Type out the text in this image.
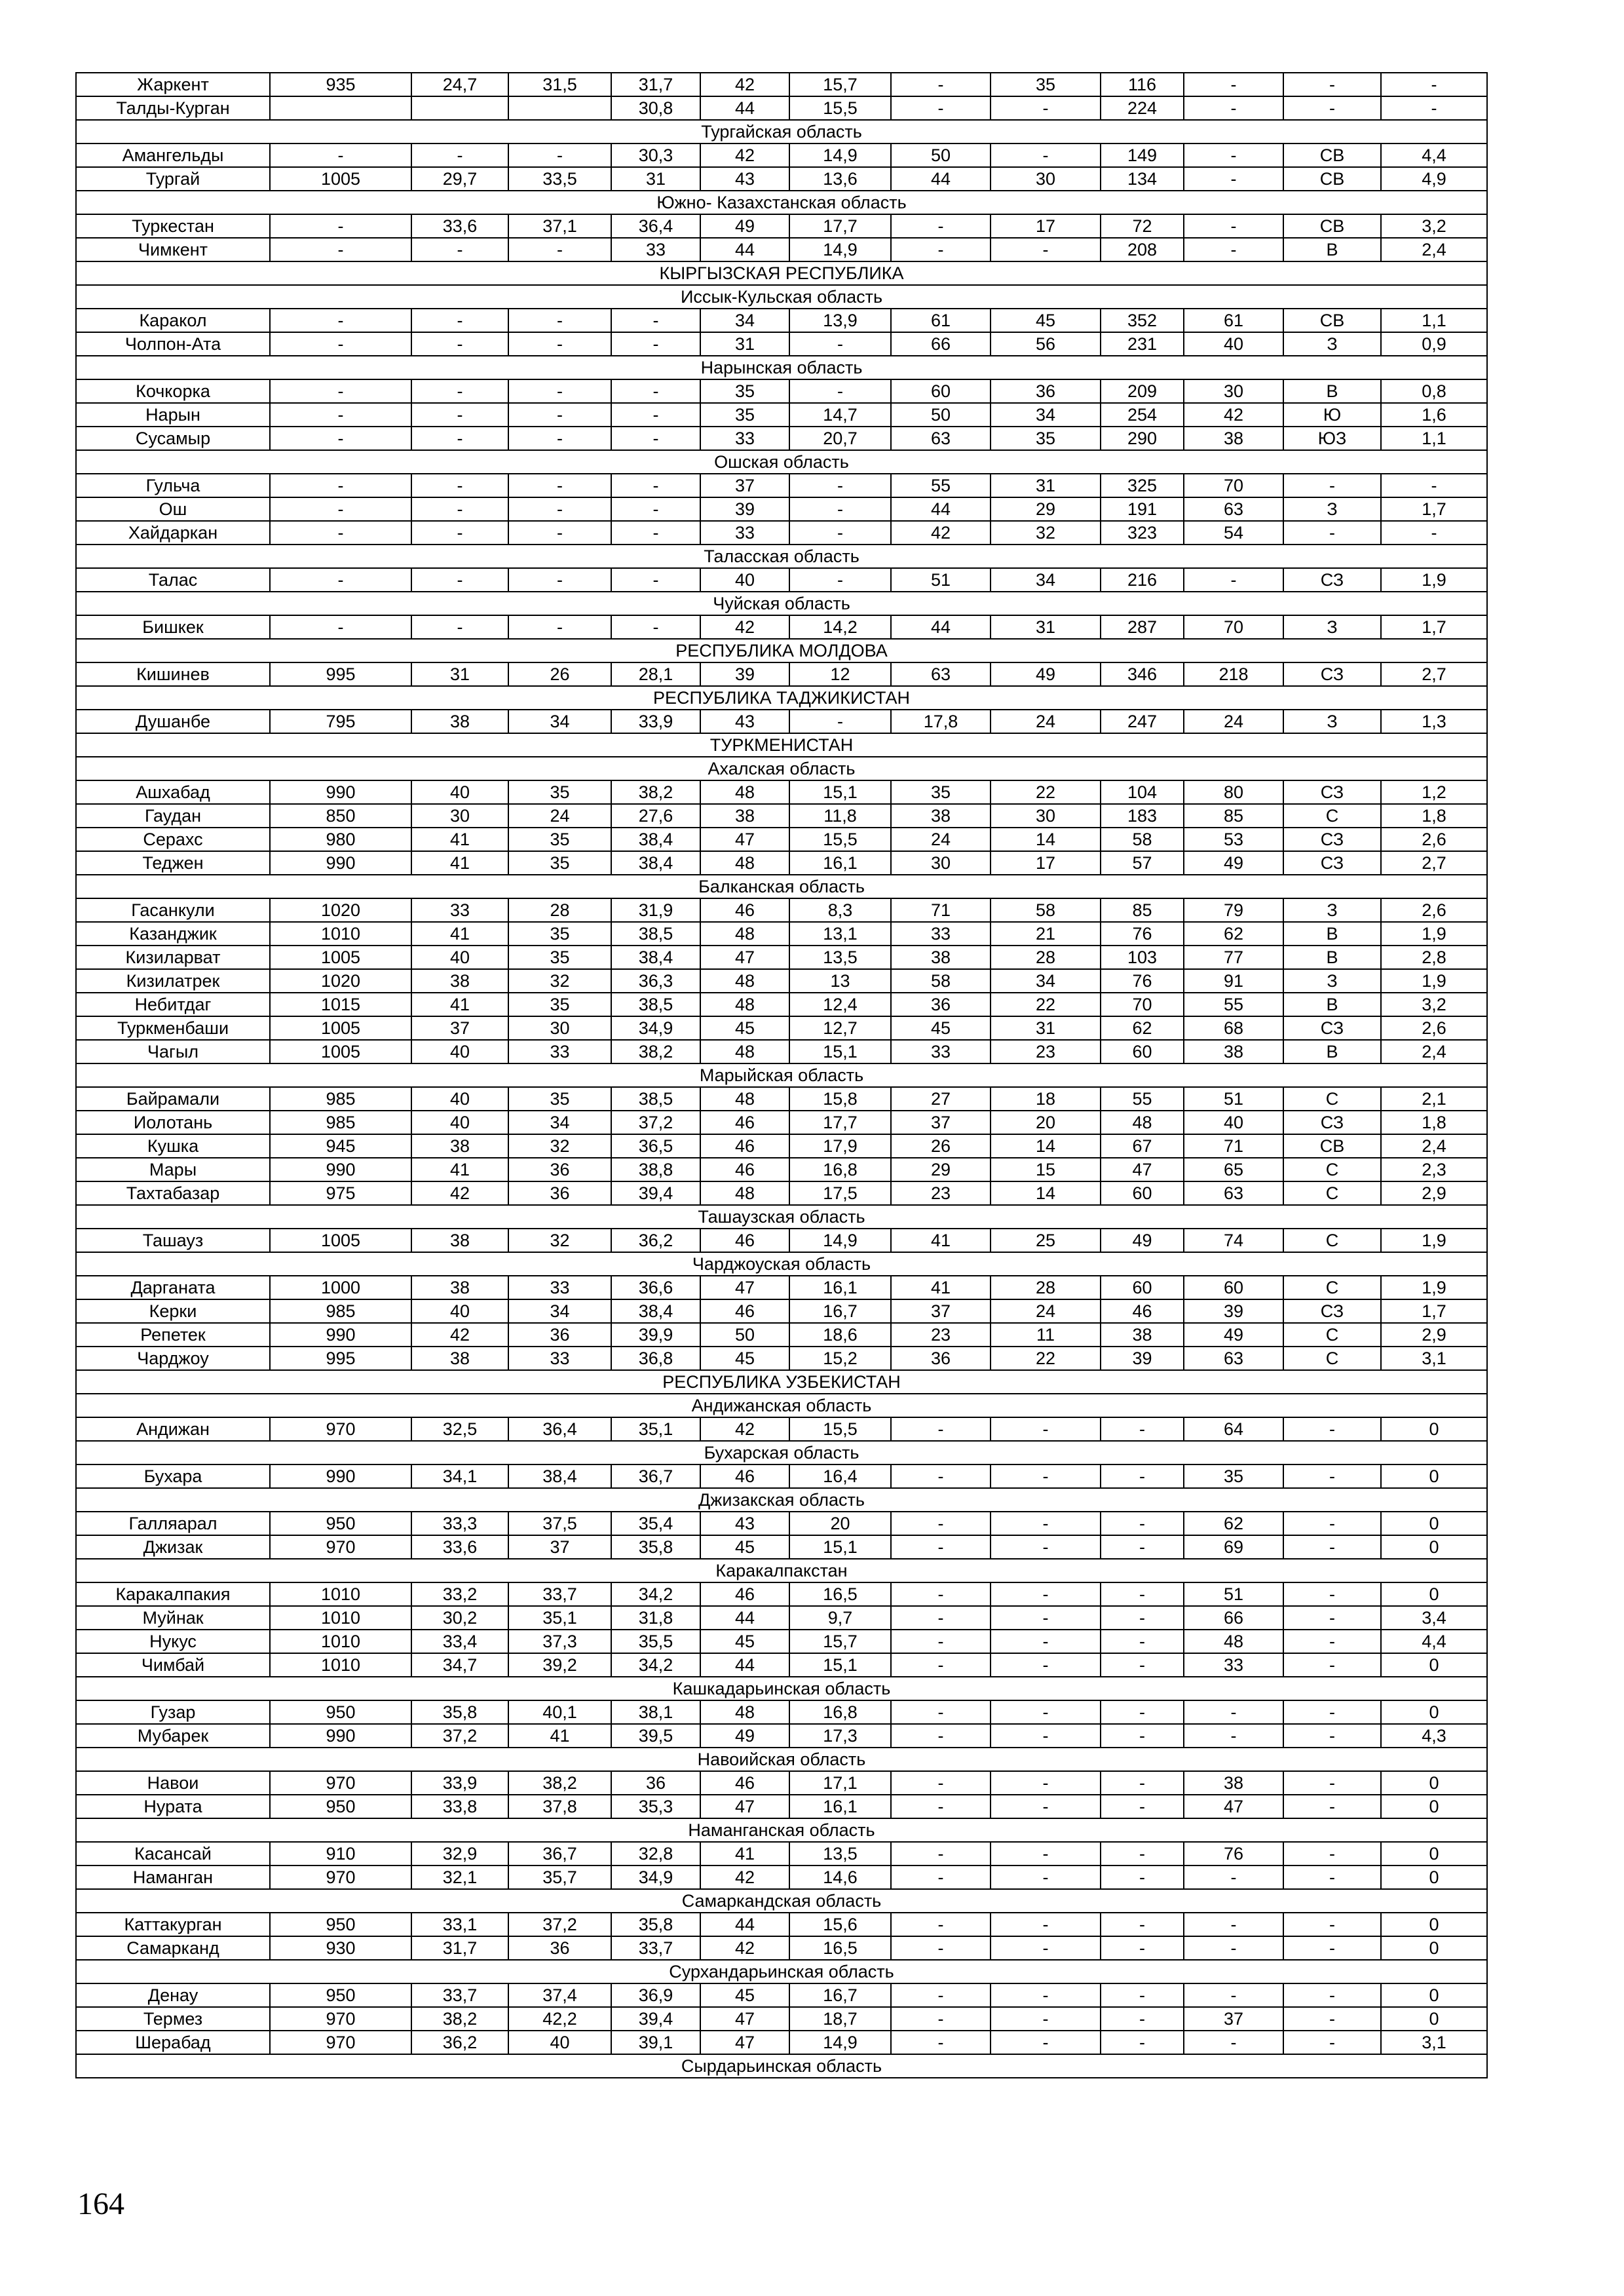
Жаркент	935	24,7	31,5	31,7	42	15,7	-	35	116	-	-	-
Талды-Курган				30,8	44	15,5	-	-	224	-	-	-
Тургайская область												
Амангельды	-	-	-	30,3	42	14,9	50	-	149	-	СВ	4,4
Тургай	1005	29,7	33,5	31	43	13,6	44	30	134	-	СВ	4,9
Южно- Казахстанская область												
Туркестан	-	33,6	37,1	36,4	49	17,7	-	17	72	-	СВ	3,2
Чимкент	-	-	-	33	44	14,9	-	-	208	-	В	2,4
КЫРГЫЗСКАЯ РЕСПУБЛИКА												
Иссык-Кульская область												
Каракол	-	-	-	-	34	13,9	61	45	352	61	СВ	1,1
Чолпон-Ата	-	-	-	-	31	-	66	56	231	40	З	0,9
Нарынская область												
Кочкорка	-	-	-	-	35	-	60	36	209	30	В	0,8
Нарын	-	-	-	-	35	14,7	50	34	254	42	Ю	1,6
Сусамыр	-	-	-	-	33	20,7	63	35	290	38	ЮЗ	1,1
Ошская область												
Гульча	-	-	-	-	37	-	55	31	325	70	-	-
Ош	-	-	-	-	39	-	44	29	191	63	З	1,7
Хайдаркан	-	-	-	-	33	-	42	32	323	54	-	-
Таласская область												
Талас	-	-	-	-	40	-	51	34	216	-	СЗ	1,9
Чуйская область												
Бишкек	-	-	-	-	42	14,2	44	31	287	70	З	1,7
РЕСПУБЛИКА МОЛДОВА												
Кишинев	995	31	26	28,1	39	12	63	49	346	218	СЗ	2,7
РЕСПУБЛИКА ТАДЖИКИСТАН												
Душанбе	795	38	34	33,9	43	-	17,8	24	247	24	З	1,3
ТУРКМЕНИСТАН												
Ахалская область												
Ашхабад	990	40	35	38,2	48	15,1	35	22	104	80	СЗ	1,2
Гаудан	850	30	24	27,6	38	11,8	38	30	183	85	С	1,8
Серахс	980	41	35	38,4	47	15,5	24	14	58	53	СЗ	2,6
Теджен	990	41	35	38,4	48	16,1	30	17	57	49	СЗ	2,7
Балканская область												
Гасанкули	1020	33	28	31,9	46	8,3	71	58	85	79	З	2,6
Казанджик	1010	41	35	38,5	48	13,1	33	21	76	62	В	1,9
Кизиларват	1005	40	35	38,4	47	13,5	38	28	103	77	В	2,8
Кизилатрек	1020	38	32	36,3	48	13	58	34	76	91	З	1,9
Небитдаг	1015	41	35	38,5	48	12,4	36	22	70	55	В	3,2
Туркменбаши	1005	37	30	34,9	45	12,7	45	31	62	68	СЗ	2,6
Чагыл	1005	40	33	38,2	48	15,1	33	23	60	38	В	2,4
Марыйская область												
Байрамали	985	40	35	38,5	48	15,8	27	18	55	51	С	2,1
Иолотань	985	40	34	37,2	46	17,7	37	20	48	40	СЗ	1,8
Кушка	945	38	32	36,5	46	17,9	26	14	67	71	СВ	2,4
Мары	990	41	36	38,8	46	16,8	29	15	47	65	С	2,3
Тахтабазар	975	42	36	39,4	48	17,5	23	14	60	63	С	2,9
Ташаузская область												
Ташауз	1005	38	32	36,2	46	14,9	41	25	49	74	С	1,9
Чарджоуская область												
Дарганата	1000	38	33	36,6	47	16,1	41	28	60	60	С	1,9
Керки	985	40	34	38,4	46	16,7	37	24	46	39	СЗ	1,7
Репетек	990	42	36	39,9	50	18,6	23	11	38	49	С	2,9
Чарджоу	995	38	33	36,8	45	15,2	36	22	39	63	С	3,1
РЕСПУБЛИКА УЗБЕКИСТАН												
Андижанская область												
Андижан	970	32,5	36,4	35,1	42	15,5	-	-	-	64	-	0
Бухарская область												
Бухара	990	34,1	38,4	36,7	46	16,4	-	-	-	35	-	0
Джизакская область												
Галляарал	950	33,3	37,5	35,4	43	20	-	-	-	62	-	0
Джизак	970	33,6	37	35,8	45	15,1	-	-	-	69	-	0
Каракалпакстан												
Каракалпакия	1010	33,2	33,7	34,2	46	16,5	-	-	-	51	-	0
Муйнак	1010	30,2	35,1	31,8	44	9,7	-	-	-	66	-	3,4
Нукус	1010	33,4	37,3	35,5	45	15,7	-	-	-	48	-	4,4
Чимбай	1010	34,7	39,2	34,2	44	15,1	-	-	-	33	-	0
Кашкадарьинская область												
Гузар	950	35,8	40,1	38,1	48	16,8	-	-	-	-	-	0
Мубарек	990	37,2	41	39,5	49	17,3	-	-	-	-	-	4,3
Навоийская область												
Навои	970	33,9	38,2	36	46	17,1	-	-	-	38	-	0
Нурата	950	33,8	37,8	35,3	47	16,1	-	-	-	47	-	0
Наманганская область												
Касансай	910	32,9	36,7	32,8	41	13,5	-	-	-	76	-	0
Наманган	970	32,1	35,7	34,9	42	14,6	-	-	-	-	-	0
Самаркандская область												
Каттакурган	950	33,1	37,2	35,8	44	15,6	-	-	-	-	-	0
Самарканд	930	31,7	36	33,7	42	16,5	-	-	-	-	-	0
Сурхандарьинская область												
Денау	950	33,7	37,4	36,9	45	16,7	-	-	-	-	-	0
Термез	970	38,2	42,2	39,4	47	18,7	-	-	-	37	-	0
Шерабад	970	36,2	40	39,1	47	14,9	-	-	-	-	-	3,1
Сырдарьинская область												
164
